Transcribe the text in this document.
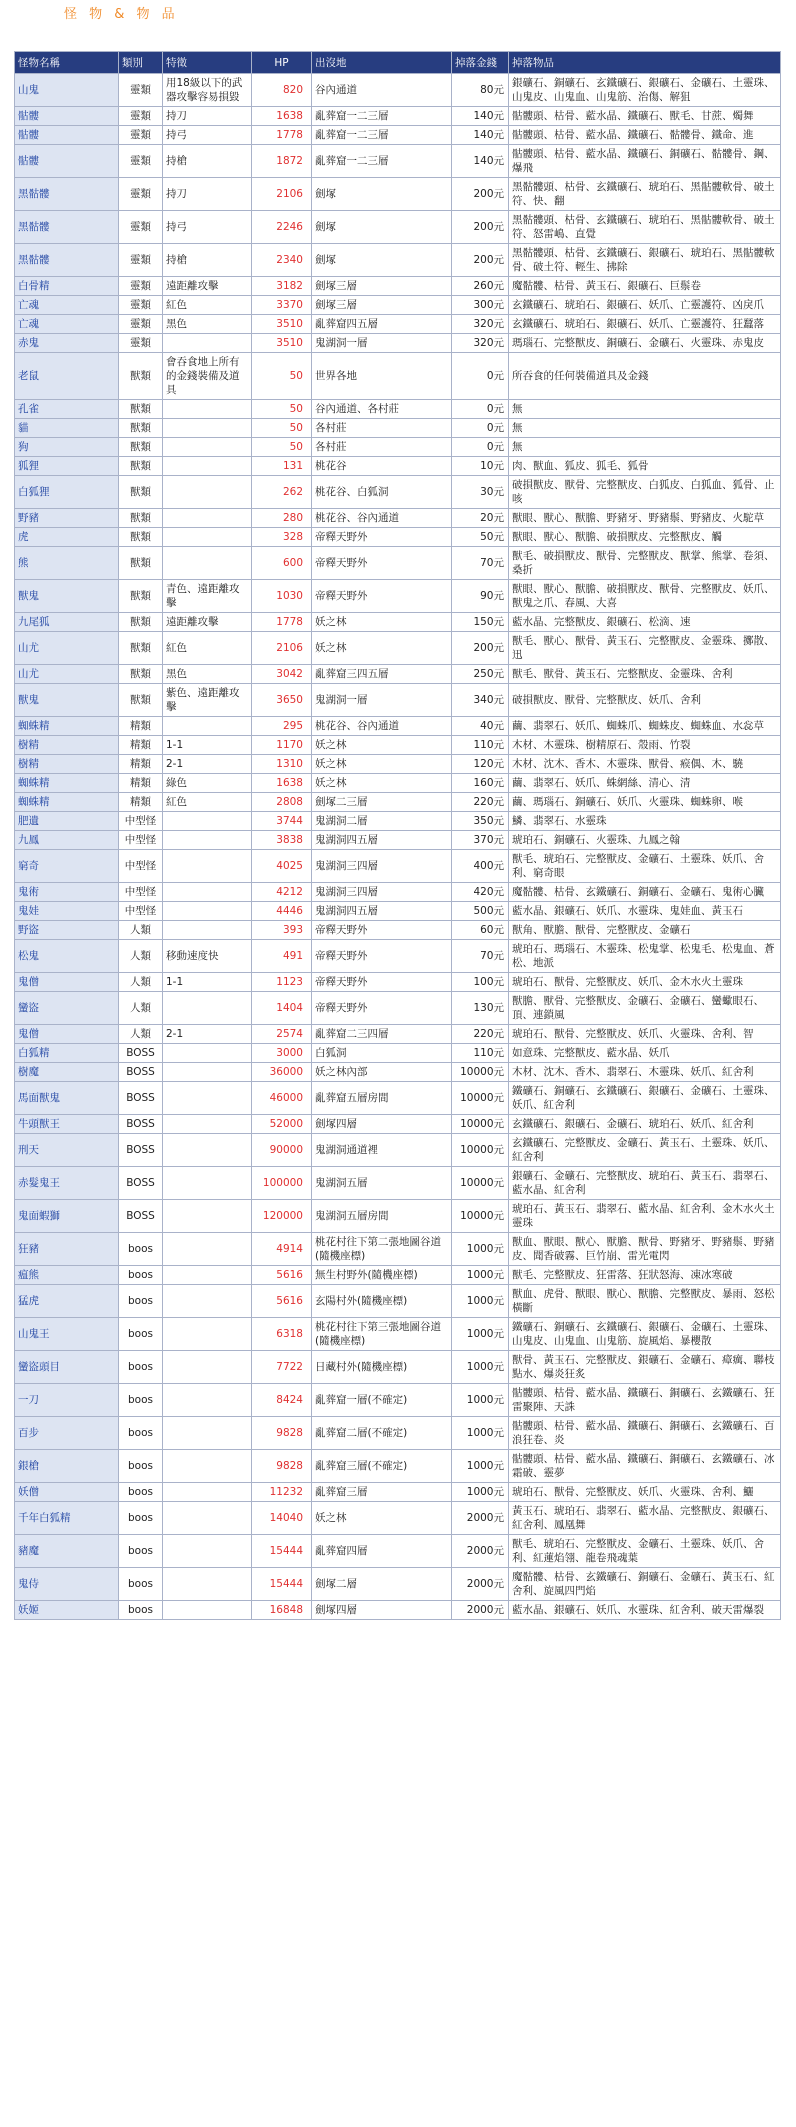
怪 物 & 物 品
怪物名稱	類別	特徵	HP	出沒地	掉落金錢	掉落物品
山鬼	靈類	用18級以下的武器攻擊容易損毀	820	谷內通道	80元	銀礦石、銅礦石、玄鐵礦石、銀礦石、金礦石、土靈珠、山鬼皮、山鬼血、山鬼筋、治傷、解狙
骷髏	靈類	持刀	1638	亂葬窟一二三層	140元	骷髏頭、枯骨、藍水晶、鐵礦石、獸毛、甘蔗、燭舞
骷髏	靈類	持弓	1778	亂葬窟一二三層	140元	骷髏頭、枯骨、藍水晶、鐵礦石、骷髏骨、鐵命、進
骷髏	靈類	持槍	1872	亂葬窟一二三層	140元	骷髏頭、枯骨、藍水晶、鐵礦石、銅礦石、骷髏骨、鋼、爆飛
黑骷髏	靈類	持刀	2106	劍塚	200元	黑骷髏頭、枯骨、玄鐵礦石、琥珀石、黑骷髏軟骨、破土符、快、翻
黑骷髏	靈類	持弓	2246	劍塚	200元	黑骷髏頭、枯骨、玄鐵礦石、琥珀石、黑骷髏軟骨、破土符、怒雷嶋、直覺
黑骷髏	靈類	持槍	2340	劍塚	200元	黑骷髏頭、枯骨、玄鐵礦石、銀礦石、琥珀石、黑骷髏軟骨、破土符、輕生、拂除
白骨精	靈類	遠距離攻擊	3182	劍塚三層	260元	魔骷髏、枯骨、黃玉石、銀礦石、巨鬃卷
亡魂	靈類	紅色	3370	劍塚三層	300元	玄鐵礦石、琥珀石、銀礦石、妖爪、亡靈護符、凶戾爪
亡魂	靈類	黑色	3510	亂葬窟四五層	320元	玄鐵礦石、琥珀石、銀礦石、妖爪、亡靈護符、狂蠶落
赤鬼	靈類		3510	鬼湖洞一層	320元	瑪瑙石、完整獸皮、銅礦石、金礦石、火靈珠、赤鬼皮
老鼠	獸類	會吞食地上所有的金錢裝備及道具	50	世界各地	0元	所吞食的任何裝備道具及金錢
孔雀	獸類		50	谷內通道、各村莊	0元	無
貓	獸類		50	各村莊	0元	無
狗	獸類		50	各村莊	0元	無
狐狸	獸類		131	桃花谷	10元	肉、獸血、狐皮、狐毛、狐骨
白狐狸	獸類		262	桃花谷、白狐洞	30元	破損獸皮、獸骨、完整獸皮、白狐皮、白狐血、狐骨、止咳
野豬	獸類		280	桃花谷、谷內通道	20元	獸眼、獸心、獸膽、野豬牙、野豬鬃、野豬皮、火駝草
虎	獸類		328	帝釋天野外	50元	獸眼、獸心、獸膽、破損獸皮、完整獸皮、觸
熊	獸類		600	帝釋天野外	70元	獸毛、破損獸皮、獸骨、完整獸皮、獸掌、熊掌、卷須、桑折
獸鬼	獸類	青色、遠距離攻擊	1030	帝釋天野外	90元	獸眼、獸心、獸膽、破損獸皮、獸骨、完整獸皮、妖爪、獸鬼之爪、春風、大喜
九尾狐	獸類	遠距離攻擊	1778	妖之林	150元	藍水晶、完整獸皮、銀礦石、松滴、速
山尤	獸類	紅色	2106	妖之林	200元	獸毛、獸心、獸骨、黃玉石、完整獸皮、金靈珠、擲散、迅
山尤	獸類	黑色	3042	亂葬窟三四五層	250元	獸毛、獸骨、黃玉石、完整獸皮、金靈珠、舍利
獸鬼	獸類	紫色、遠距離攻擊	3650	鬼湖洞一層	340元	破損獸皮、獸骨、完整獸皮、妖爪、舍利
蜘蛛精	精類		295	桃花谷、谷內通道	40元	繭、翡翠石、妖爪、蜘蛛爪、蜘蛛皮、蜘蛛血、水惢草
樹精	精類	1-1	1170	妖之林	110元	木材、木靈珠、樹精原石、殼雨、竹裂
樹精	精類	2-1	1310	妖之林	120元	木材、沈木、香木、木靈珠、獸骨、瘊偶、木、驍
蜘蛛精	精類	綠色	1638	妖之林	160元	繭、翡翠石、妖爪、蛛網絲、清心、清
蜘蛛精	精類	紅色	2808	劍塚二三層	220元	繭、瑪瑙石、銅礦石、妖爪、火靈珠、蜘蛛卵、喉
肥遺	中型怪		3744	鬼湖洞二層	350元	鱗、翡翠石、水靈珠
九鳳	中型怪		3838	鬼湖洞四五層	370元	琥珀石、銅礦石、火靈珠、九鳳之翰
窮奇	中型怪		4025	鬼湖洞三四層	400元	獸毛、琥珀石、完整獸皮、金礦石、土靈珠、妖爪、舍利、窮奇眼
鬼術	中型怪		4212	鬼湖洞三四層	420元	魔骷髏、枯骨、玄鐵礦石、銅礦石、金礦石、鬼術心臟
鬼娃	中型怪		4446	鬼湖洞四五層	500元	藍水晶、銀礦石、妖爪、水靈珠、鬼娃血、黃玉石
野盜	人類		393	帝釋天野外	60元	獸角、獸膽、獸骨、完整獸皮、金礦石
松鬼	人類	移動速度快	491	帝釋天野外	70元	琥珀石、瑪瑙石、木靈珠、松鬼掌、松鬼毛、松鬼血、蒼松、地派
鬼僧	人類	1-1	1123	帝釋天野外	100元	琥珀石、獸骨、完整獸皮、妖爪、金木水火土靈珠
蠻盜	人類		1404	帝釋天野外	130元	獸膽、獸骨、完整獸皮、金礦石、金礦石、蠻蠍眼石、頂、連鎖風
鬼僧	人類	2-1	2574	亂葬窟二三四層	220元	琥珀石、獸骨、完整獸皮、妖爪、火靈珠、舍利、智
白狐精	BOSS		3000	白狐洞	110元	如意珠、完整獸皮、藍水晶、妖爪
樹魔	BOSS		36000	妖之林內部	10000元	木材、沈木、香木、翡翠石、木靈珠、妖爪、紅舍利
馬面獸鬼	BOSS		46000	亂葬窟五層房間	10000元	鐵礦石、銅礦石、玄鐵礦石、銀礦石、金礦石、土靈珠、妖爪、紅舍利
牛頭獸王	BOSS		52000	劍塚四層	10000元	玄鐵礦石、銀礦石、金礦石、琥珀石、妖爪、紅舍利
刑天	BOSS		90000	鬼湖洞通道裡	10000元	玄鐵礦石、完整獸皮、金礦石、黃玉石、土靈珠、妖爪、紅舍利
赤髮鬼王	BOSS		100000	鬼湖洞五層	10000元	銀礦石、金礦石、完整獸皮、琥珀石、黃玉石、翡翠石、藍水晶、紅舍利
鬼面蝦獅	BOSS		120000	鬼湖洞五層房間	10000元	琥珀石、黃玉石、翡翠石、藍水晶、紅舍利、金木水火土靈珠
狂豬	boos		4914	桃花村往下第二張地圖谷道(隨機座標)	1000元	獸血、獸眼、獸心、獸膽、獸骨、野豬牙、野豬鬃、野豬皮、聞香破霧、巨竹崩、雷光電閃
瘟熊	boos		5616	無生村野外(隨機座標)	1000元	獸毛、完整獸皮、狂雷落、狂狀怒海、凍冰寒破
猛虎	boos		5616	玄陽村外(隨機座標)	1000元	獸血、虎骨、獸眼、獸心、獸膽、完整獸皮、暴雨、怒松橫斷
山鬼王	boos		6318	桃花村往下第三張地圖谷道(隨機座標)	1000元	鐵礦石、銅礦石、玄鐵礦石、銀礦石、金礦石、土靈珠、山鬼皮、山鬼血、山鬼筋、旋風焰、暴櫻散
蠻盜頭目	boos		7722	日藏村外(隨機座標)	1000元	獸骨、黃玉石、完整獸皮、銀礦石、金礦石、瘴癘、聯枝點水、爆炎狂炙
一刀	boos		8424	亂葬窟一層(不確定)	1000元	骷髏頭、枯骨、藍水晶、鐵礦石、銅礦石、玄鐵礦石、狂雷聚陣、天誅
百步	boos		9828	亂葬窟二層(不確定)	1000元	骷髏頭、枯骨、藍水晶、鐵礦石、銅礦石、玄鐵礦石、百浪狂卷、炎
銀槍	boos		9828	亂葬窟三層(不確定)	1000元	骷髏頭、枯骨、藍水晶、鐵礦石、銅礦石、玄鐵礦石、冰霜破、靈夢
妖僧	boos		11232	亂葬窟三層	1000元	琥珀石、獸骨、完整獸皮、妖爪、火靈珠、舍利、鱺
千年白狐精	boos		14040	妖之林	2000元	黃玉石、琥珀石、翡翠石、藍水晶、完整獸皮、銀礦石、紅舍利、鳳凰舞
豬魔	boos		15444	亂葬窟四層	2000元	獸毛、琥珀石、完整獸皮、金礦石、土靈珠、妖爪、舍利、紅蓮焰翎、龍卷飛魂葉
鬼侍	boos		15444	劍塚二層	2000元	魔骷髏、枯骨、玄鐵礦石、銅礦石、金礦石、黃玉石、紅舍利、旋風四門焰
妖姬	boos		16848	劍塚四層	2000元	藍水晶、銀礦石、妖爪、水靈珠、紅舍利、破天雷爆裂
